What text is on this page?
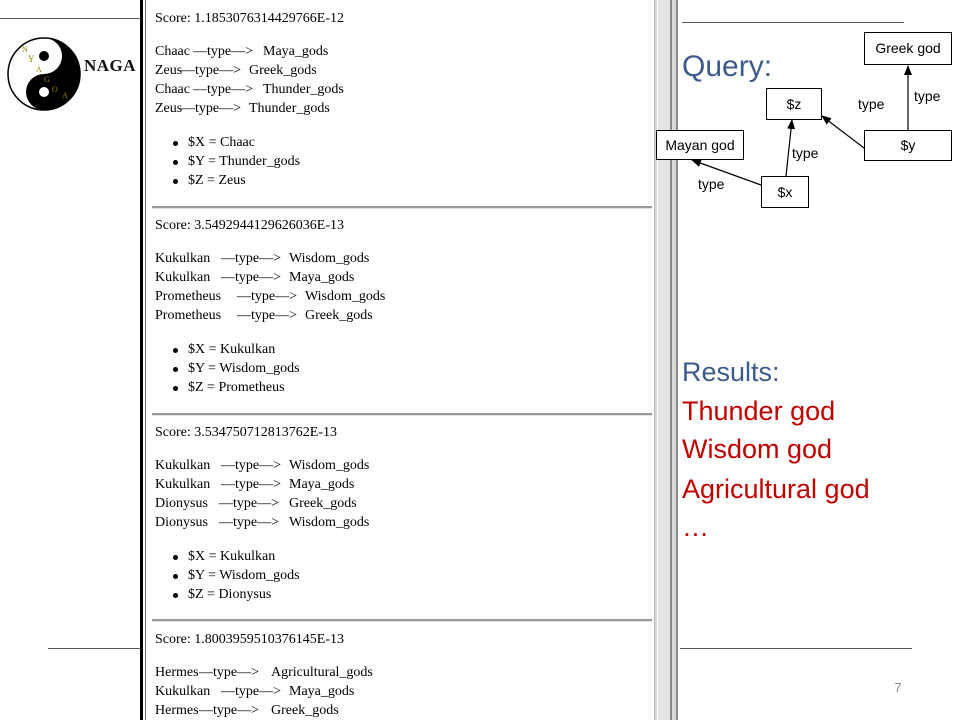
7
N
Y
A
G
O
A
NAGA
Score: 1.1853076314429766E-12
Chaac —type—> Maya_gods
Zeus
—type—> Greek_gods
Chaac —type—> Thunder_gods
Zeus
—type—> Thunder_gods
$X = Chaac
$Y = Thunder_gods
$Z = Zeus
Score: 3.5492944129626036E-13
Kukulkan —type—> Wisdom_gods
Kukulkan —type—> Maya_gods
Prometheus —type—> Wisdom_gods
Prometheus —type—> Greek_gods
$X = Kukulkan
$Y = Wisdom_gods
$Z = Prometheus
Score: 3.534750712813762E-13
Kukulkan —type—> Wisdom_gods
Kukulkan —type—> Maya_gods
Dionysus —type—> Greek_gods
Dionysus —type—> Wisdom_gods
$X = Kukulkan
$Y = Wisdom_gods
$Z = Dionysus
Score: 1.8003959510376145E-13
Hermes —type—> Agricultural_gods
Kukulkan —type—> Maya_gods
Hermes —type—> Greek_gods
Query:
Greek god
$z
$y
Mayan god
$x
type
type
type
type
Results:
Thunder god
Wisdom god
Agricultural god
…
